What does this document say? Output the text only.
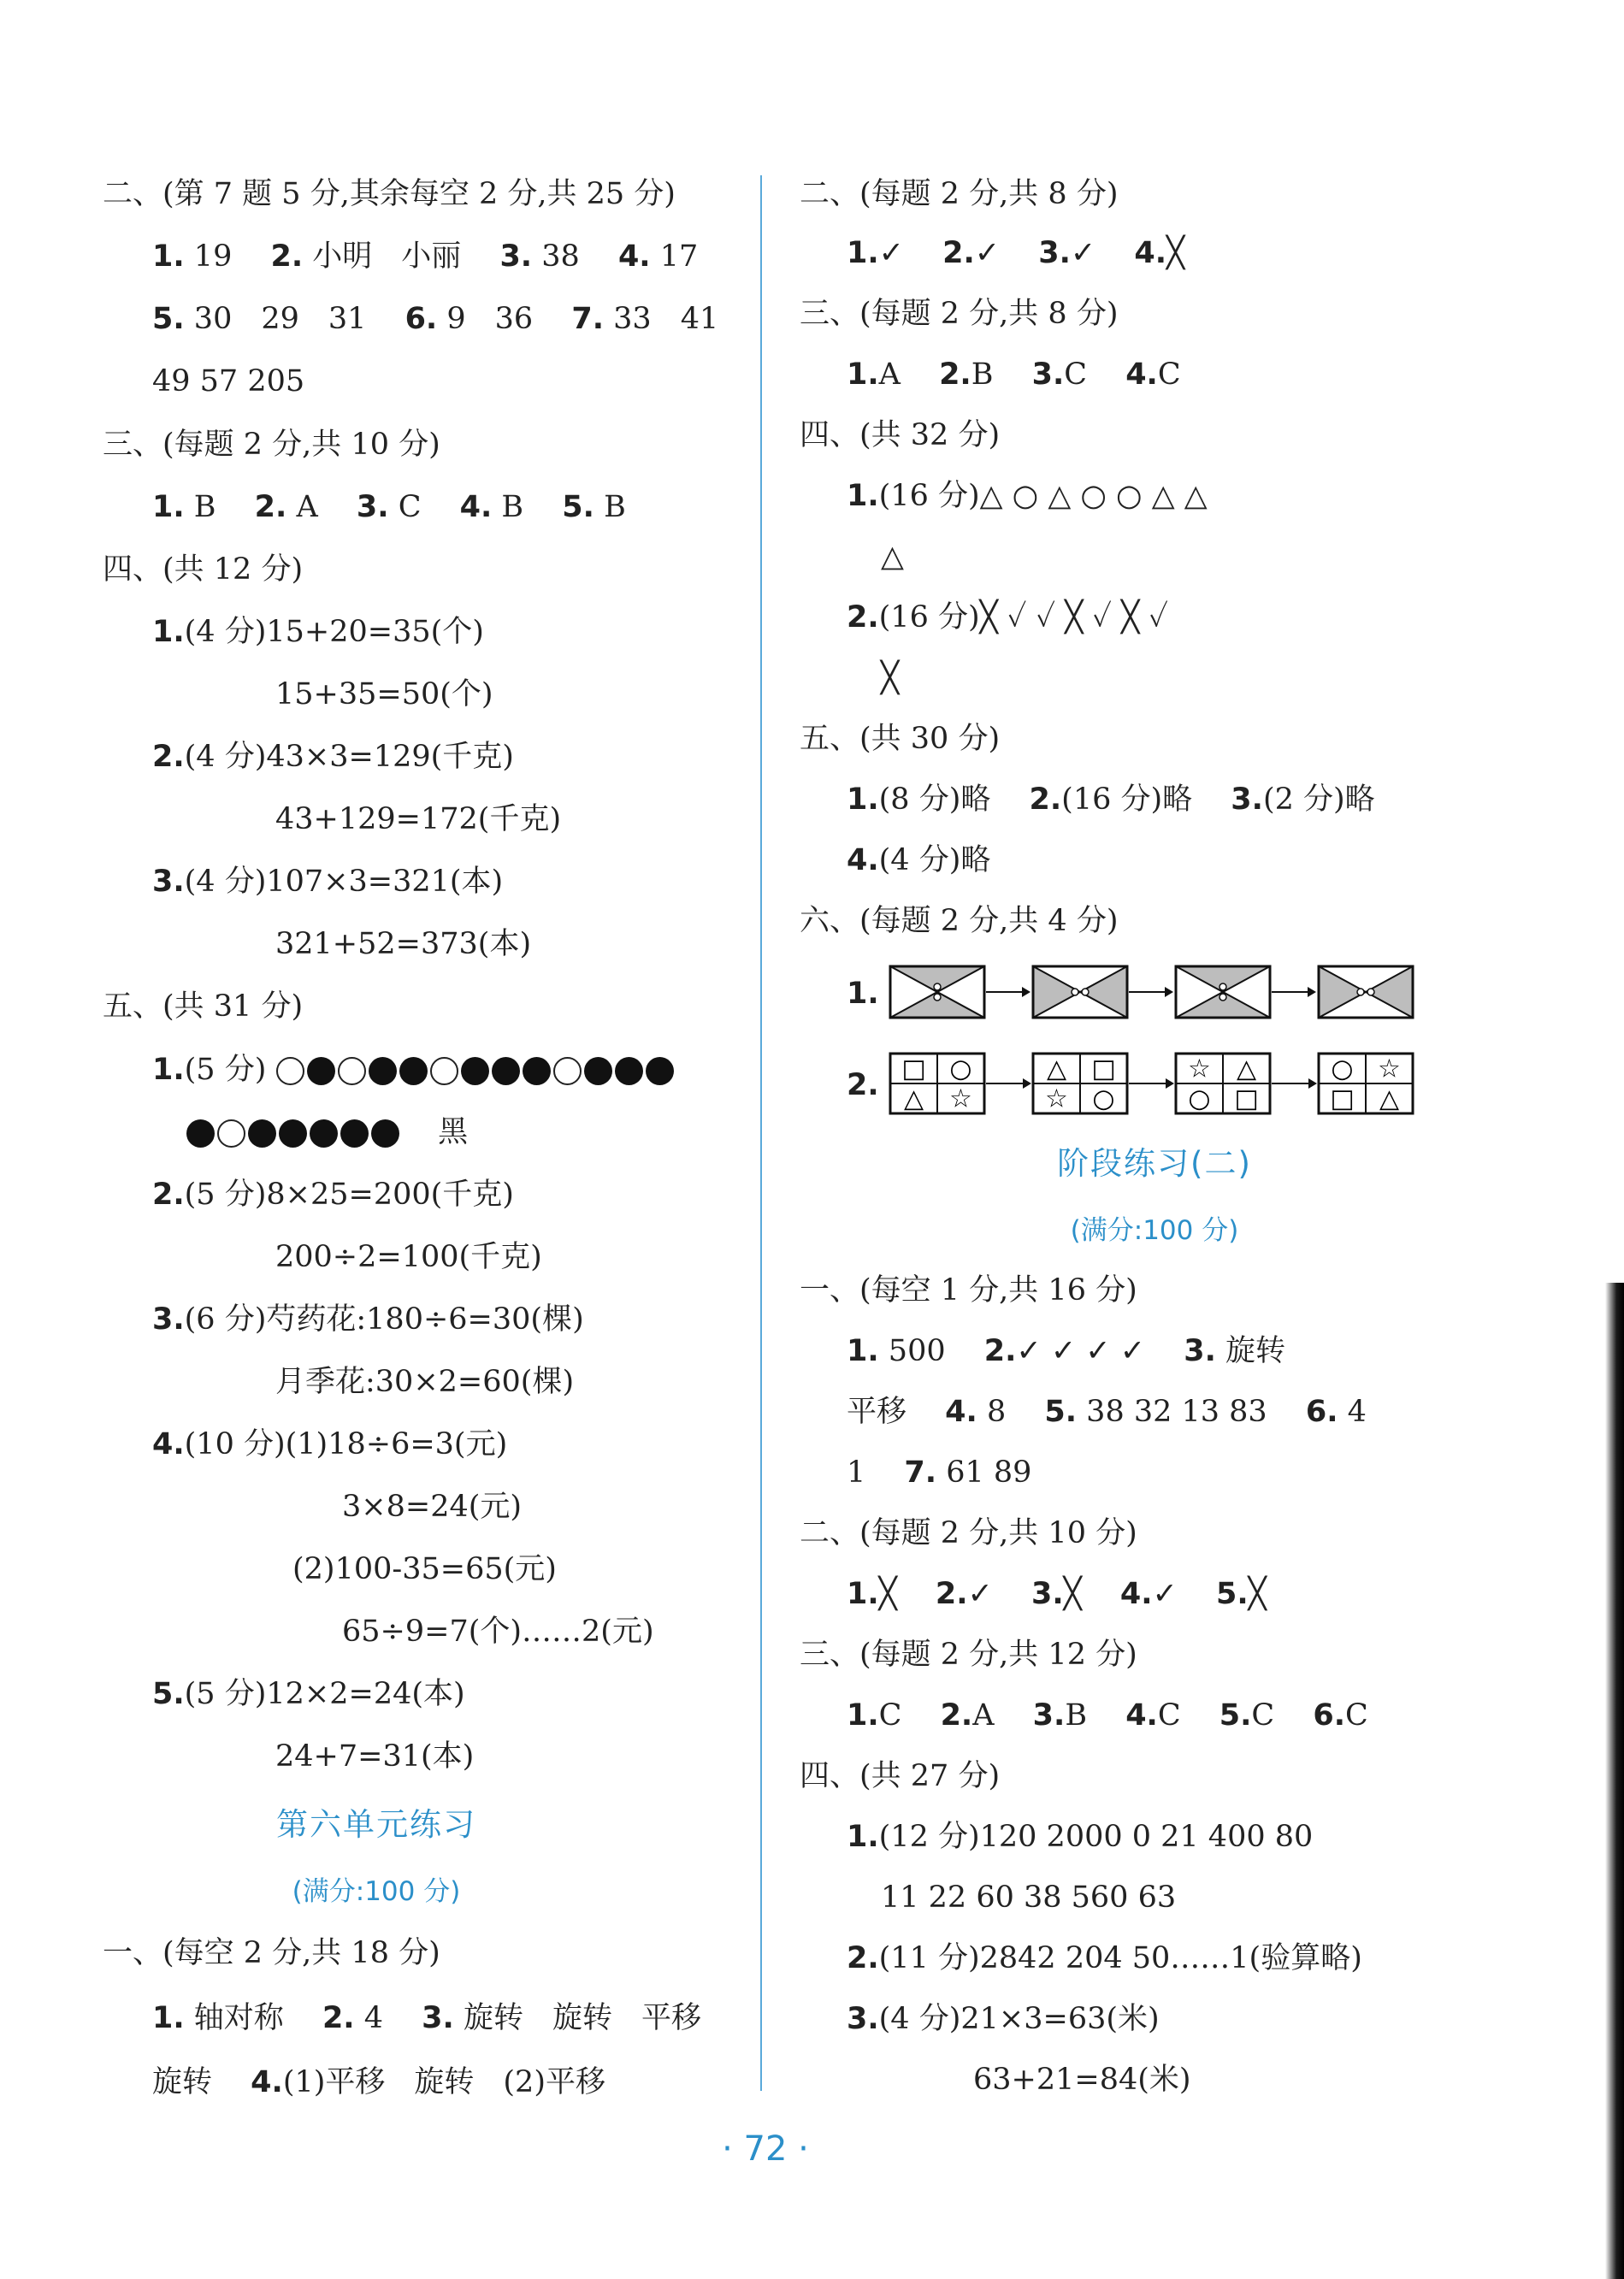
二、(第 7 题 5 分,其余每空 2 分,共 25 分)
1. 19 2. 小明 小丽 3. 38 4. 17
5. 30 29 31 6. 9 36 7. 33 41
49 57 205
三、(每题 2 分,共 10 分)
1. B 2. A 3. C 4. B 5. B
四、(共 12 分)
1.(4 分)15+20=35(个)
15+35=50(个)
2.(4 分)43×3=129(千克)
43+129=172(千克)
3.(4 分)107×3=321(本)
321+52=373(本)
五、(共 31 分)
1.(5 分)
黑
2.(5 分)8×25=200(千克)
200÷2=100(千克)
3.(6 分)芍药花:180÷6=30(棵)
月季花:30×2=60(棵)
4.(10 分)(1)18÷6=3(元)
3×8=24(元)
(2)100-35=65(元)
65÷9=7(个)……2(元)
5.(5 分)12×2=24(本)
24+7=31(本)
第六单元练习
(满分:100 分)
一、(每空 2 分,共 18 分)
1. 轴对称 2. 4 3. 旋转 旋转 平移
旋转 4.(1)平移 旋转 (2)平移
二、(每题 2 分,共 8 分)
1.✓ 2.✓ 3.✓ 4.╳
三、(每题 2 分,共 8 分)
1.A 2.B 3.C 4.C
四、(共 32 分)
1.(16 分)△ ○ △ ○ ○ △ △
△
2.(16 分)╳ ✓ ✓ ╳ ✓ ╳ ✓
╳
五、(共 30 分)
1.(8 分)略 2.(16 分)略 3.(2 分)略
4.(4 分)略
六、(每题 2 分,共 4 分)
1.
2. □ ○
△ ☆
△ □
☆ ○
☆ △
○ □
○ ☆
□ △
阶段练习(二)
(满分:100 分)
一、(每空 1 分,共 16 分)
1. 500 2.✓ ✓ ✓ ✓ 3. 旋转
平移 4. 8 5. 38 32 13 83 6. 4
1 7. 61 89
二、(每题 2 分,共 10 分)
1.╳ 2.✓ 3.╳ 4.✓ 5.╳
三、(每题 2 分,共 12 分)
1.C 2.A 3.B 4.C 5.C 6.C
四、(共 27 分)
1.(12 分)120 2000 0 21 400 80
11 22 60 38 560 63
2.(11 分)2842 204 50……1(验算略)
3.(4 分)21×3=63(米)
63+21=84(米)
· 72 ·
